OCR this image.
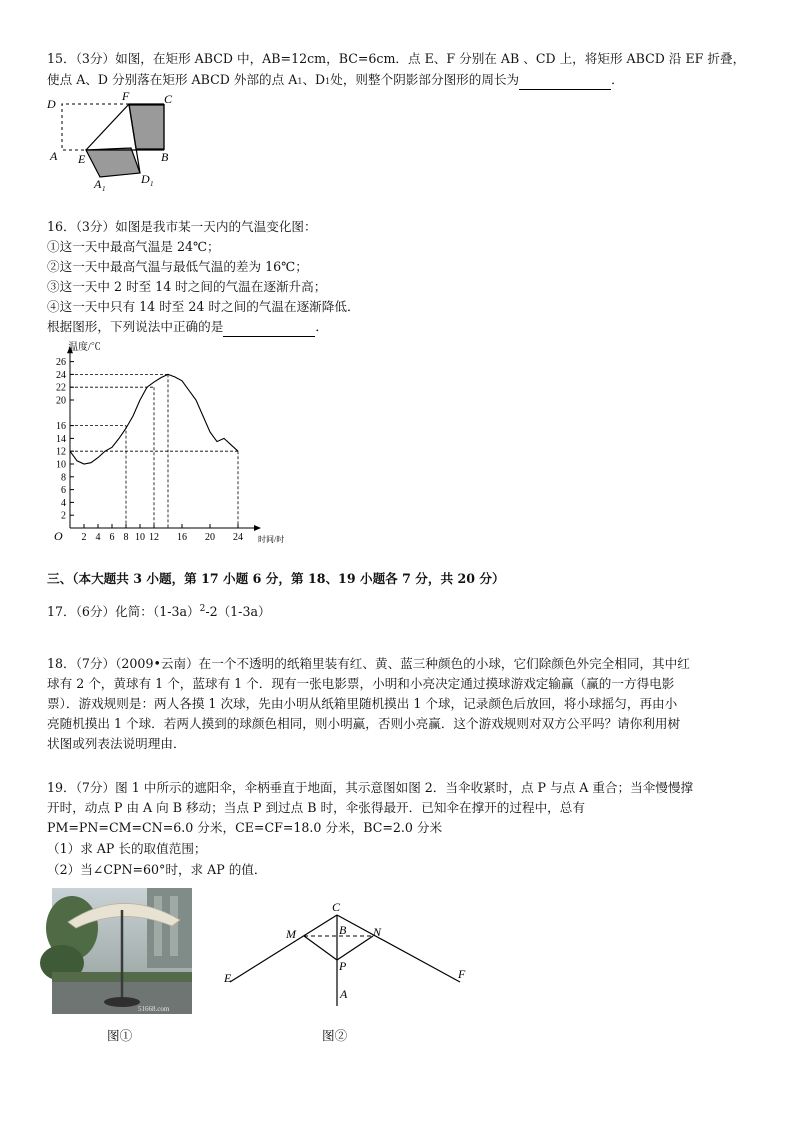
15．（3分）如图，在矩形 ABCD 中，AB=12cm，BC=6cm．点 E、F 分别在 AB 、CD 上，将矩形 ABCD 沿 EF 折叠，
使点 A、D 分别落在矩形 ABCD 外部的点 A1、D1处，则整个阴影部分图形的周长为	．
D
F	C
A E	B
A 1
D 1
16．（3分）如图是我市某一天内的气温变化图：
①这一天中最高气温是 24℃；
②这一天中最高气温与最低气温的差为 16℃；
③这一天中 2 时至 14 时之间的气温在逐渐升高；
④这一天中只有 14 时至 24 时之间的气温在逐渐降低．
根据图形，下列说法中正确的是	．
2
4
6
8
10
12
14
16
20
22
24
26
2 4 6 8 10 12 16 20 24
温度/℃
时间/时
O
三、（本大题共 3 小题，第 17 小题 6 分，第 18、19 小题各 7 分，共 20 分）
17．（6分）化简：$(1-3a)^2-2(1-3a)$
18．（7分）（2009•云南）在一个不透明的纸箱里装有红、黄、蓝三种颜色的小球，它们除颜色外完全相同，其中红
球有 2 个，黄球有 1 个，蓝球有 1 个．现有一张电影票，小明和小亮决定通过摸球游戏定输赢（赢的一方得电影
票）．游戏规则是：两人各摸 1 次球，先由小明从纸箱里随机摸出 1 个球，记录颜色后放回，将小球摇匀，再由小
亮随机摸出 1 个球．若两人摸到的球颜色相同，则小明赢，否则小亮赢．这个游戏规则对双方公平吗？请你利用树
状图或列表法说明理由．
19．（7分）图 1 中所示的遮阳伞，伞柄垂直于地面，其示意图如图 2．当伞收紧时，点 P 与点 A 重合；当伞慢慢撑
开时，动点 P 由 A 向 B 移动；当点 P 到过点 B 时，伞张得最开．已知伞在撑开的过程中，总有
PM=PN=CM=CN=6.0 分米，CE=CF=18.0 分米，BC=2.0 分米
（1）求 AP 长的取值范围；
（2）当∠CPN=60°时，求 AP 的值．
51668.com
图①
C
M	B N
P
A
E	F
图②
